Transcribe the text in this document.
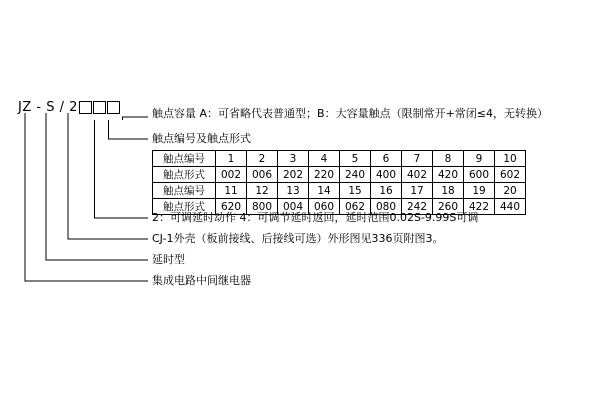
JZ - S / 2	触点容量 A：可省略代表普通型；B：大容量触点（限制常开+常闭≤4，无转换）
触点编号及触点形式
2：可调延时动作 4：可调节延时返回，延时范围0.02S-9.99S可调
CJ-1外壳（板前接线、后接线可选）外形图见336页附图3。
延时型
集成电路中间继电器
触点编号	1	2	3	4	5	6	7	8	9	10
触点形式	002	006	202	220	240	400	402	420	600	602
触点编号	11	12	13	14	15	16	17	18	19	20
触点形式	620	800	004	060	062	080	242	260	422	440
